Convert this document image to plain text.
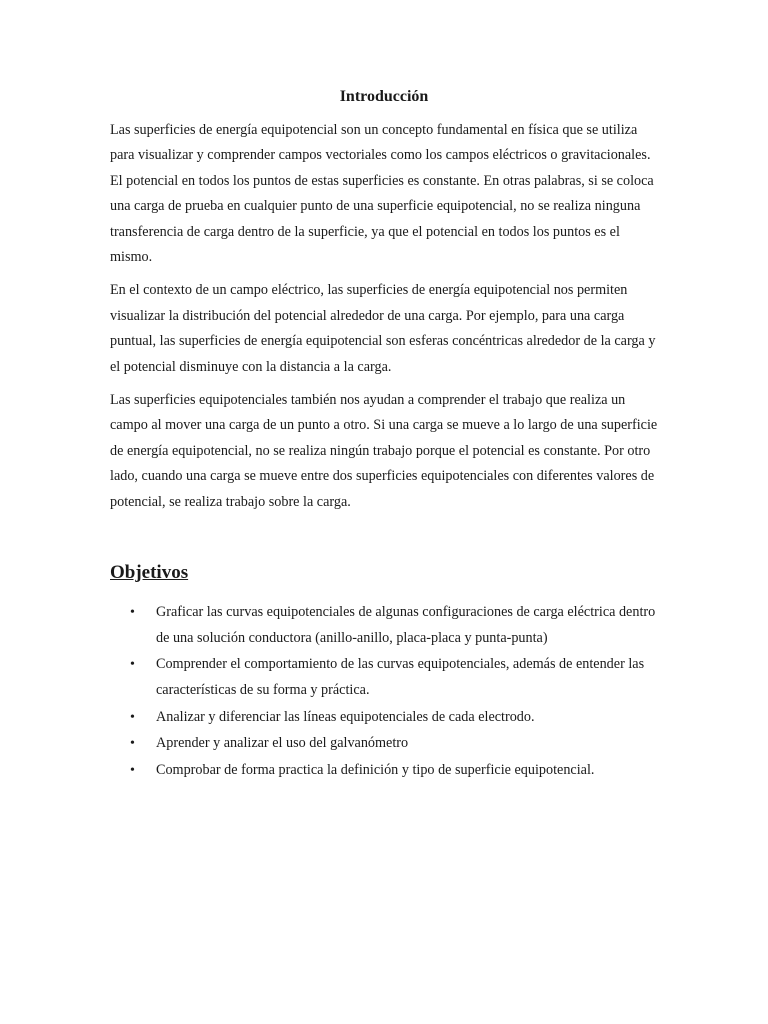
Introducción

Las superficies de energía equipotencial son un concepto fundamental en física que se utiliza para visualizar y comprender campos vectoriales como los campos eléctricos o gravitacionales. El potencial en todos los puntos de estas superficies es constante. En otras palabras, si se coloca una carga de prueba en cualquier punto de una superficie equipotencial, no se realiza ninguna transferencia de carga dentro de la superficie, ya que el potencial en todos los puntos es el mismo.

En el contexto de un campo eléctrico, las superficies de energía equipotencial nos permiten visualizar la distribución del potencial alrededor de una carga. Por ejemplo, para una carga puntual, las superficies de energía equipotencial son esferas concéntricas alrededor de la carga y el potencial disminuye con la distancia a la carga.

Las superficies equipotenciales también nos ayudan a comprender el trabajo que realiza un campo al mover una carga de un punto a otro. Si una carga se mueve a lo largo de una superficie de energía equipotencial, no se realiza ningún trabajo porque el potencial es constante. Por otro lado, cuando una carga se mueve entre dos superficies equipotenciales con diferentes valores de potencial, se realiza trabajo sobre la carga.

Objetivos
• Graficar las curvas equipotenciales de algunas configuraciones de carga eléctrica dentro de una solución conductora (anillo-anillo, placa-placa y punta-punta)
• Comprender el comportamiento de las curvas equipotenciales, además de entender las características de su forma y práctica.
• Analizar y diferenciar las líneas equipotenciales de cada electrodo.
• Aprender y analizar el uso del galvanómetro
• Comprobar de forma practica la definición y tipo de superficie equipotencial.
